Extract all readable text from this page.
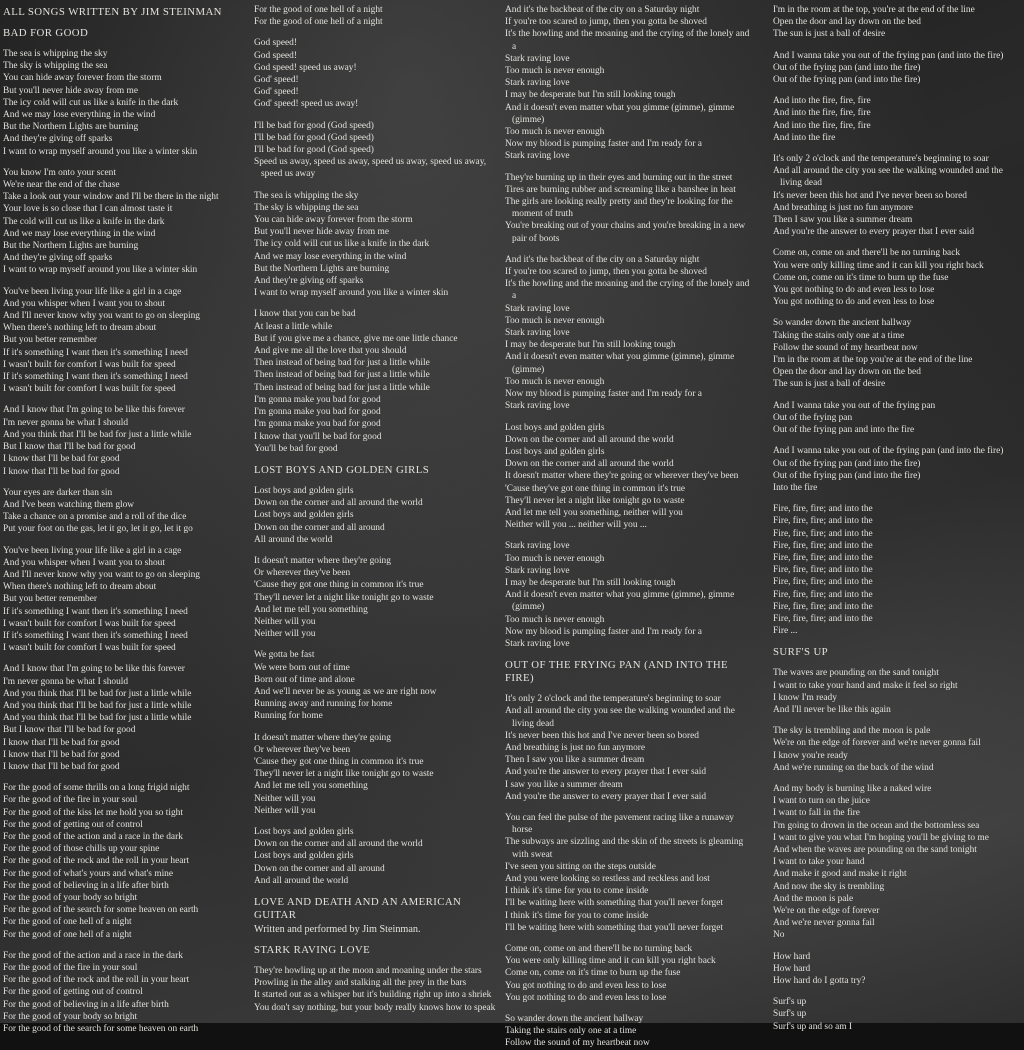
ALL SONGS WRITTEN BY JIM STEINMAN
BAD FOR GOOD
The sea is whipping the sky
The sky is whipping the sea
You can hide away forever from the storm
But you'll never hide away from me
The icy cold will cut us like a knife in the dark
And we may lose everything in the wind
But the Northern Lights are burning
And they're giving off sparks
I want to wrap myself around you like a winter skin
You know I'm onto your scent
We're near the end of the chase
Take a look out your window and I'll be there in the night
Your love is so close that I can almost taste it
The cold will cut us like a knife in the dark
And we may lose everything in the wind
But the Northern Lights are burning
And they're giving off sparks
I want to wrap myself around you like a winter skin
You've been living your life like a girl in a cage
And you whisper when I want you to shout
And I'll never know why you want to go on sleeping
When there's nothing left to dream about
But you better remember
If it's something I want then it's something I need
I wasn't built for comfort I was built for speed
If it's something I want then it's something I need
I wasn't built for comfort I was built for speed
And I know that I'm going to be like this forever
I'm never gonna be what I should
And you think that I'll be bad for just a little while
But I know that I'll be bad for good
I know that I'll be bad for good
I know that I'll be bad for good
Your eyes are darker than sin
And I've been watching them glow
Take a chance on a promise and a roll of the dice
Put your foot on the gas, let it go, let it go, let it go
You've been living your life like a girl in a cage
And you whisper when I want you to shout
And I'll never know why you want to go on sleeping
When there's nothing left to dream about
But you better remember
If it's something I want then it's something I need
I wasn't built for comfort I was built for speed
If it's something I want then it's something I need
I wasn't built for comfort I was built for speed
And I know that I'm going to be like this forever
I'm never gonna be what I should
And you think that I'll be bad for just a little while
And you think that I'll be bad for just a little while
And you think that I'll be bad for just a little while
But I know that I'll be bad for good
I know that I'll be bad for good
I know that I'll be bad for good
I know that I'll be bad for good
For the good of some thrills on a long frigid night
For the good of the fire in your soul
For the good of the kiss let me hold you so tight
For the good of getting out of control
For the good of the action and a race in the dark
For the good of those chills up your spine
For the good of the rock and the roll in your heart
For the good of what's yours and what's mine
For the good of believing in a life after birth
For the good of your body so bright
For the good of the search for some heaven on earth
For the good of one hell of a night
For the good of one hell of a night
For the good of the action and a race in the dark
For the good of the fire in your soul
For the good of the rock and the roll in your heart
For the good of getting out of control
For the good of believing in a life after birth
For the good of your body so bright
For the good of the search for some heaven on earth
For the good of one hell of a night
For the good of one hell of a night
God speed!
God speed!
God speed! speed us away!
God' speed!
God' speed!
God' speed! speed us away!
I'll be bad for good (God speed)
I'll be bad for good (God speed)
I'll be bad for good (God speed)
Speed us away, speed us away, speed us away, speed us away, speed us away
The sea is whipping the sky
The sky is whipping the sea
You can hide away forever from the storm
But you'll never hide away from me
The icy cold will cut us like a knife in the dark
And we may lose everything in the wind
But the Northern Lights are burning
And they're giving off sparks
I want to wrap myself around you like a winter skin
I know that you can be bad
At least a little while
But if you give me a chance, give me one little chance
And give me all the love that you should
Then instead of being bad for just a little while
Then instead of being bad for just a little while
Then instead of being bad for just a little while
I'm gonna make you bad for good
I'm gonna make you bad for good
I'm gonna make you bad for good
I know that you'll be bad for good
You'll be bad for good
LOST BOYS AND GOLDEN GIRLS
Lost boys and golden girls
Down on the corner and all around the world
Lost boys and golden girls
Down on the corner and all around
All around the world
It doesn't matter where they're going
Or wherever they've been
'Cause they got one thing in common it's true
They'll never let a night like tonight go to waste
And let me tell you something
Neither will you
Neither will you
We gotta be fast
We were born out of time
Born out of time and alone
And we'll never be as young as we are right now
Running away and running for home
Running for home
It doesn't matter where they're going
Or wherever they've been
'Cause they got one thing in common it's true
They'll never let a night like tonight go to waste
And let me tell you something
Neither will you
Neither will you
Lost boys and golden girls
Down on the corner and all around the world
Lost boys and golden girls
Down on the corner and all around
And all around the world
LOVE AND DEATH AND AN AMERICAN GUITAR
Written and performed by Jim Steinman.
STARK RAVING LOVE
They're howling up at the moon and moaning under the stars
Prowling in the alley and stalking all the prey in the bars
It started out as a whisper but it's building right up into a shriek
You don't say nothing, but your body really knows how to speak
And it's the backbeat of the city on a Saturday night
If you're too scared to jump, then you gotta be shoved
It's the howling and the moaning and the crying of the lonely and a
Stark raving love
Too much is never enough
Stark raving love
I may be desperate but I'm still looking tough
And it doesn't even matter what you gimme (gimme), gimme (gimme)
Too much is never enough
Now my blood is pumping faster and I'm ready for a
Stark raving love
They're burning up in their eyes and burning out in the street
Tires are burning rubber and screaming like a banshee in heat
The girls are looking really pretty and they're looking for the moment of truth
You're breaking out of your chains and you're breaking in a new pair of boots
And it's the backbeat of the city on a Saturday night
If you're too scared to jump, then you gotta be shoved
It's the howling and the moaning and the crying of the lonely and a
Stark raving love
Too much is never enough
Stark raving love
I may be desperate but I'm still looking tough
And it doesn't even matter what you gimme (gimme), gimme (gimme)
Too much is never enough
Now my blood is pumping faster and I'm ready for a
Stark raving love
Lost boys and golden girls
Down on the corner and all around the world
Lost boys and golden girls
Down on the corner and all around the world
It doesn't matter where they're going or wherever they've been
'Cause they've got one thing in common it's true
They'll never let a night like tonight go to waste
And let me tell you something, neither will you
Neither will you ... neither will you ...
Stark raving love
Too much is never enough
Stark raving love
I may be desperate but I'm still looking tough
And it doesn't even matter what you gimme (gimme), gimme (gimme)
Too much is never enough
Now my blood is pumping faster and I'm ready for a
Stark raving love
OUT OF THE FRYING PAN (AND INTO THE FIRE)
It's only 2 o'clock and the temperature's beginning to soar
And all around the city you see the walking wounded and the living dead
It's never been this hot and I've never been so bored
And breathing is just no fun anymore
Then I saw you like a summer dream
And you're the answer to every prayer that I ever said
I saw you like a summer dream
And you're the answer to every prayer that I ever said
You can feel the pulse of the pavement racing like a runaway horse
The subways are sizzling and the skin of the streets is gleaming with sweat
I've seen you sitting on the steps outside
And you were looking so restless and reckless and lost
I think it's time for you to come inside
I'll be waiting here with something that you'll never forget
I think it's time for you to come inside
I'll be waiting here with something that you'll never forget
Come on, come on and there'll be no turning back
You were only killing time and it can kill you right back
Come on, come on it's time to burn up the fuse
You got nothing to do and even less to lose
You got nothing to do and even less to lose
So wander down the ancient hallway
Taking the stairs only one at a time
Follow the sound of my heartbeat now
I'm in the room at the top, you're at the end of the line
Open the door and lay down on the bed
The sun is just a ball of desire
And I wanna take you out of the frying pan (and into the fire)
Out of the frying pan (and into the fire)
Out of the frying pan (and into the fire)
And into the fire, fire, fire
And into the fire, fire, fire
And into the fire, fire, fire
And into the fire
It's only 2 o'clock and the temperature's beginning to soar
And all around the city you see the walking wounded and the living dead
It's never been this hot and I've never been so bored
And breathing is just no fun anymore
Then I saw you like a summer dream
And you're the answer to every prayer that I ever said
Come on, come on and there'll be no turning back
You were only killing time and it can kill you right back
Come on, come on it's time to burn up the fuse
You got nothing to do and even less to lose
You got nothing to do and even less to lose
So wander down the ancient hallway
Taking the stairs only one at a time
Follow the sound of my heartbeat now
I'm in the room at the top you're at the end of the line
Open the door and lay down on the bed
The sun is just a ball of desire
And I wanna take you out of the frying pan
Out of the frying pan
Out of the frying pan and into the fire
And I wanna take you out of the frying pan (and into the fire)
Out of the frying pan (and into the fire)
Out of the frying pan (and into the fire)
Into the fire
Fire, fire, fire; and into the
Fire, fire, fire; and into the
Fire, fire, fire; and into the
Fire, fire, fire; and into the
Fire, fire, fire; and into the
Fire, fire, fire; and into the
Fire, fire, fire; and into the
Fire, fire, fire; and into the
Fire, fire, fire; and into the
Fire, fire, fire; and into the
Fire ...
SURF'S UP
The waves are pounding on the sand tonight
I want to take your hand and make it feel so right
I know I'm ready
And I'll never be like this again
The sky is trembling and the moon is pale
We're on the edge of forever and we're never gonna fail
I know you're ready
And we're running on the back of the wind
And my body is burning like a naked wire
I want to turn on the juice
I want to fall in the fire
I'm going to drown in the ocean and the bottomless sea
I want to give you what I'm hoping you'll be giving to me
And when the waves are pounding on the sand tonight
I want to take your hand
And make it good and make it right
And now the sky is trembling
And the moon is pale
We're on the edge of forever
And we're never gonna fail
No
How hard
How hard
How hard do I gotta try?
Surf's up
Surf's up
Surf's up and so am I
